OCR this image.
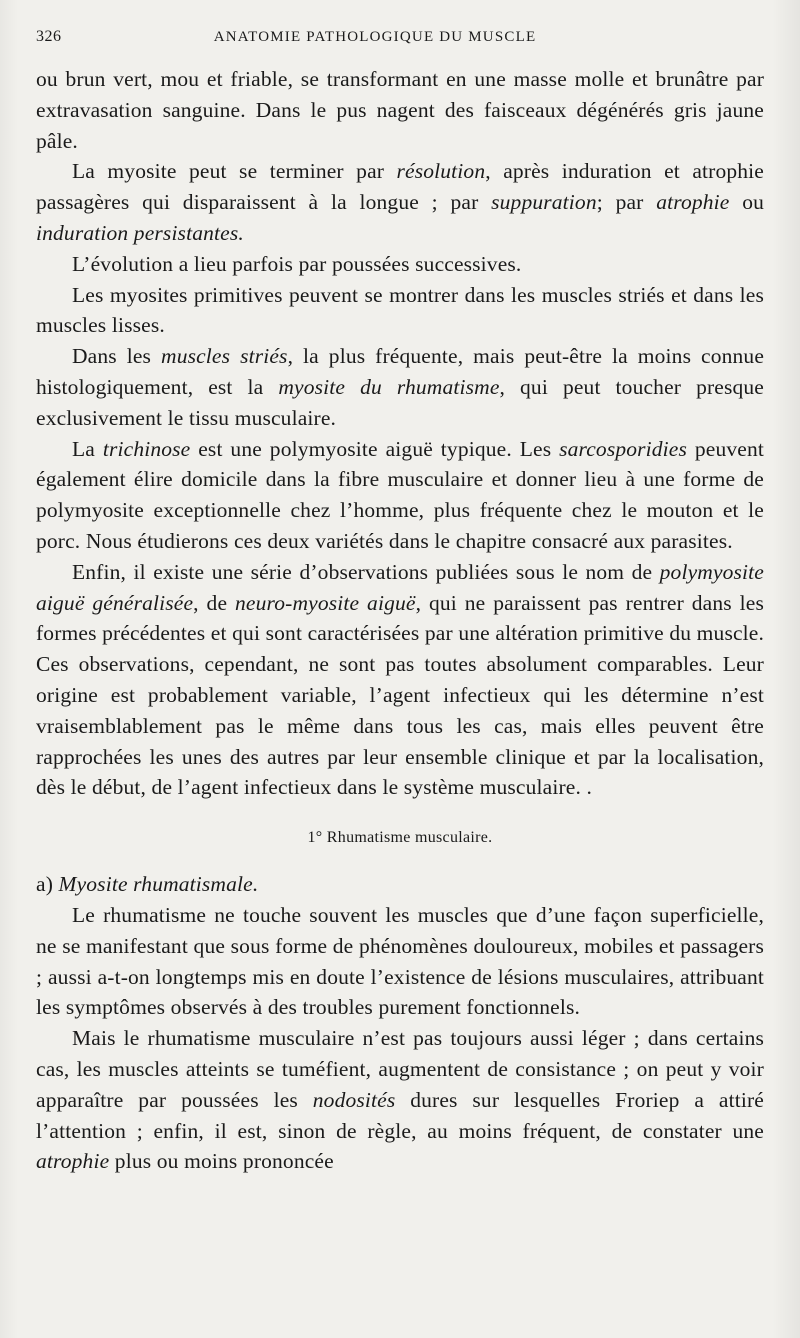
326	ANATOMIE PATHOLOGIQUE DU MUSCLE

ou brun vert, mou et friable, se transformant en une masse molle et brunâtre par extravasation sanguine. Dans le pus nagent des faisceaux dégénérés gris jaune pâle.

La myosite peut se terminer par résolution, après induration et atrophie passagères qui disparaissent à la longue ; par suppuration; par atrophie ou induration persistantes.

L’évolution a lieu parfois par poussées successives.

Les myosites primitives peuvent se montrer dans les muscles striés et dans les muscles lisses.

Dans les muscles striés, la plus fréquente, mais peut-être la moins connue histologiquement, est la myosite du rhumatisme, qui peut toucher presque exclusivement le tissu musculaire.

La trichinose est une polymyosite aiguë typique. Les sarcosporidies peuvent également élire domicile dans la fibre musculaire et donner lieu à une forme de polymyosite exceptionnelle chez l’homme, plus fréquente chez le mouton et le porc. Nous étudierons ces deux variétés dans le chapitre consacré aux parasites.

Enfin, il existe une série d’observations publiées sous le nom de polymyosite aiguë généralisée, de neuro-myosite aiguë, qui ne paraissent pas rentrer dans les formes précédentes et qui sont caractérisées par une altération primitive du muscle. Ces observations, cependant, ne sont pas toutes absolument comparables. Leur origine est probablement variable, l’agent infectieux qui les détermine n’est vraisemblablement pas le même dans tous les cas, mais elles peuvent être rapprochées les unes des autres par leur ensemble clinique et par la localisation, dès le début, de l’agent infectieux dans le système musculaire. .

1° Rhumatisme musculaire.

a) Myosite rhumatismale.

Le rhumatisme ne touche souvent les muscles que d’une façon superficielle, ne se manifestant que sous forme de phénomènes douloureux, mobiles et passagers ; aussi a-t-on longtemps mis en doute l’existence de lésions musculaires, attribuant les symptômes observés à des troubles purement fonctionnels.

Mais le rhumatisme musculaire n’est pas toujours aussi léger ; dans certains cas, les muscles atteints se tuméfient, augmentent de consistance ; on peut y voir apparaître par poussées les nodosités dures sur lesquelles Froriep a attiré l’attention ; enfin, il est, sinon de règle, au moins fréquent, de constater une atrophie plus ou moins prononcée
